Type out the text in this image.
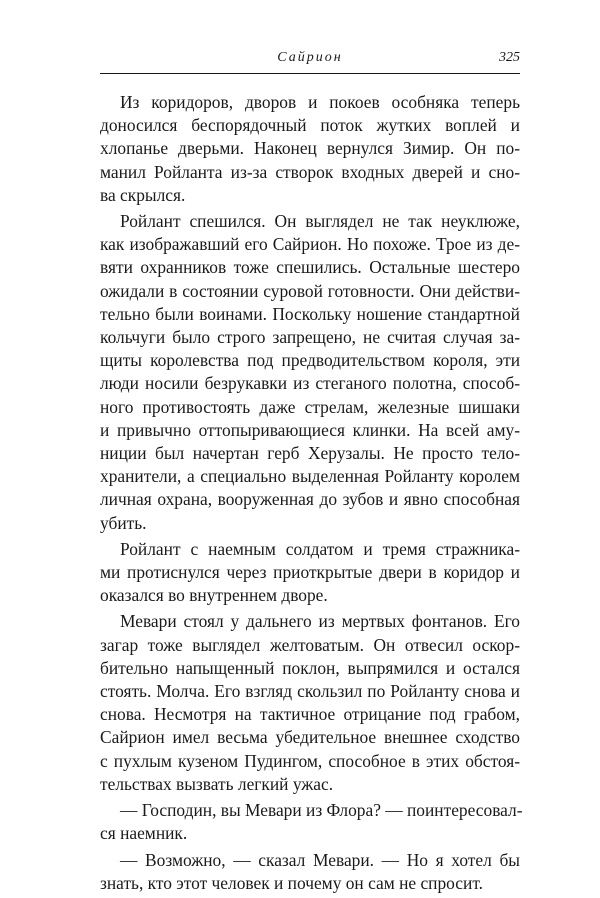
Сайрион	325

Из коридоров, дворов и покоев особняка теперь
доносился беспорядочный поток жутких воплей и
хлопанье дверьми. Наконец вернулся Зимир. Он по-
манил Ройланта из-за створок входных дверей и сно-
ва скрылся.

Ройлант спешился. Он выглядел не так неуклюже,
как изображавший его Сайрион. Но похоже. Трое из де-
вяти охранников тоже спешились. Остальные шестеро
ожидали в состоянии суровой готовности. Они действи-
тельно были воинами. Поскольку ношение стандартной
кольчуги было строго запрещено, не считая случая за-
щиты королевства под предводительством короля, эти
люди носили безрукавки из стеганого полотна, способ-
ного противостоять даже стрелам, железные шишаки
и привычно оттопыривающиеся клинки. На всей аму-
ниции был начертан герб Херузалы. Не просто тело-
хранители, а специально выделенная Ройланту королем
личная охрана, вооруженная до зубов и явно способная
убить.

Ройлант с наемным солдатом и тремя стражника-
ми протиснулся через приоткрытые двери в коридор и
оказался во внутреннем дворе.

Мевари стоял у дальнего из мертвых фонтанов. Его
загар тоже выглядел желтоватым. Он отвесил оскор-
бительно напыщенный поклон, выпрямился и остался
стоять. Молча. Его взгляд скользил по Ройланту снова и
снова. Несмотря на тактичное отрицание под грабом,
Сайрион имел весьма убедительное внешнее сходство
с пухлым кузеном Пудингом, способное в этих обстоя-
тельствах вызвать легкий ужас.

— Господин, вы Мевари из Флора? — поинтересовал-
ся наемник.

— Возможно, — сказал Мевари. — Но я хотел бы
знать, кто этот человек и почему он сам не спросит.
